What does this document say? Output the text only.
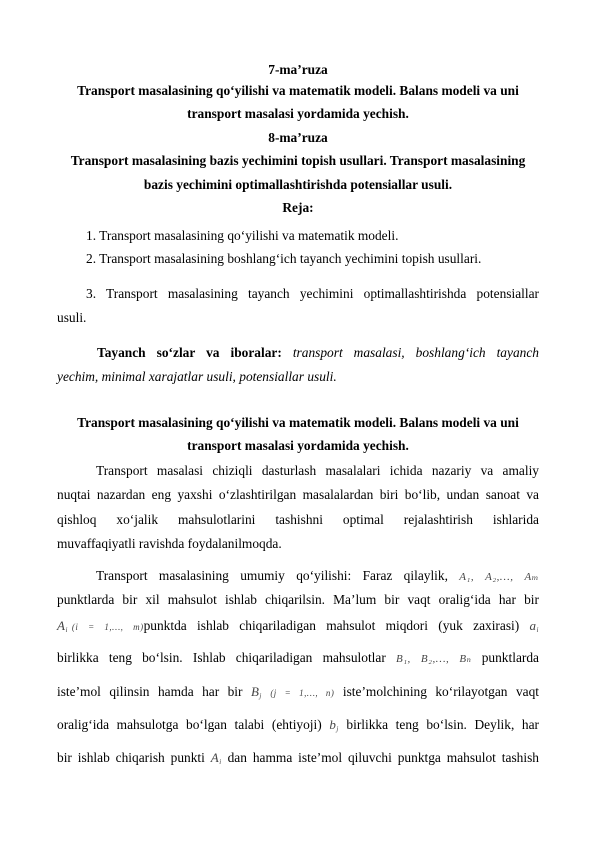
7-ma’ruza
Transport masalasining qo‘yilishi va matematik modeli. Balans modeli va uni
transport masalasi yordamida yechish.
8-ma’ruza
Transport masalasining bazis yechimini topish usullari. Transport masalasining
bazis yechimini optimallashtirishda potensiallar usuli.
Reja:
1. Transport masalasining qo‘yilishi va matematik modeli.
2. Transport masalasining boshlang‘ich tayanch yechimini topish usullari.
3. Transport masalasining tayanch yechimini optimallashtirishda potensiallar
usuli.
Tayanch so‘zlar va iboralar: transport masalasi, boshlang‘ich tayanch
yechim, minimal xarajatlar usuli, potensiallar usuli.
Transport masalasining qo‘yilishi va matematik modeli. Balans modeli va uni
transport masalasi yordamida yechish.
Transport masalasi chiziqli dasturlash masalalari ichida nazariy va amaliy
nuqtai nazardan eng yaxshi o‘zlashtirilgan masalalardan biri bo‘lib, undan sanoat va
qishloq xo‘jalik mahsulotlarini tashishni optimal rejalashtirish ishlarida
muvaffaqiyatli ravishda foydalanilmoqda.
Transport masalasining umumiy qo‘yilishi: Faraz qilaylik, A₁, A₂,…, Aₘ
punktlarda bir xil mahsulot ishlab chiqarilsin. Ma’lum bir vaqt oralig‘ida har bir
$A_i$ (i = 1,…, m)punktda ishlab chiqariladigan mahsulot miqdori (yuk zaxirasi) $a_i$
birlikka teng bo‘lsin. Ishlab chiqariladigan mahsulotlar B₁, B₂,…, Bₙ punktlarda
iste’mol qilinsin hamda har bir $B_j$ (j = 1,…, n) iste’molchining ko‘rilayotgan vaqt
oralig‘ida mahsulotga bo‘lgan talabi (ehtiyoji) $b_j$ birlikka teng bo‘lsin. Deylik, har
bir ishlab chiqarish punkti $A_i$ dan hamma iste’mol qiluvchi punktga mahsulot tashish
